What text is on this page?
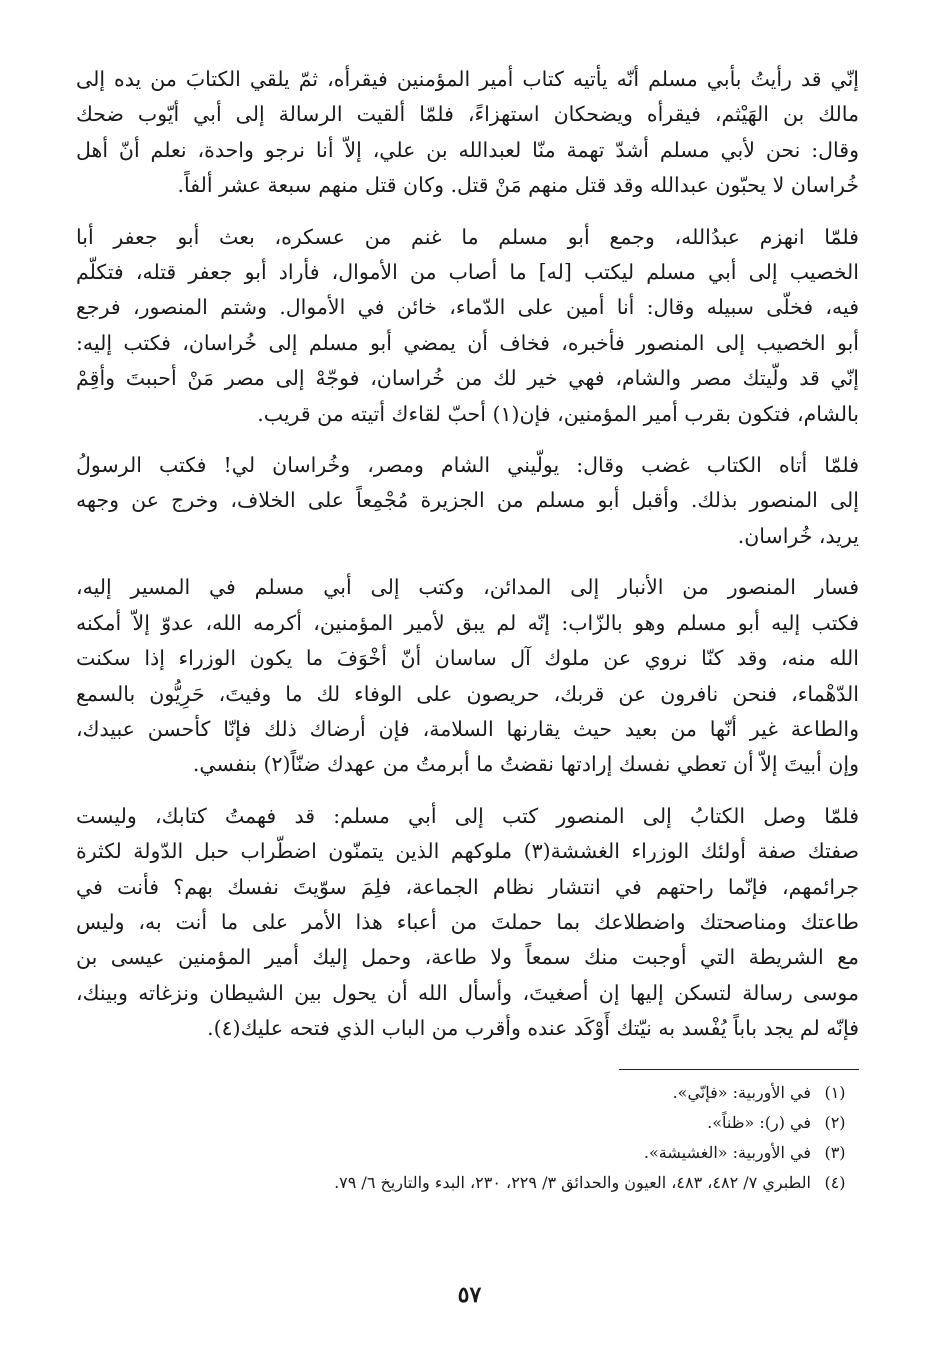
إنّي قد رأيتُ بأبي مسلم أنّه يأتيه كتاب أمير المؤمنين فيقرأه، ثمّ يلقي الكتابَ من يده إلى
مالك بن الهَيْثم، فيقرأه ويضحكان استهزاءً، فلمّا ألقيت الرسالة إلى أبي أيّوب ضحك
وقال: نحن لأبي مسلم أشدّ تهمة منّا لعبدالله بن علي، إلاّ أنا نرجو واحدة، نعلم أنّ أهل
خُراسان لا يحبّون عبدالله وقد قتل منهم مَنْ قتل. وكان قتل منهم سبعة عشر ألفاً.

فلمّا انهزم عبدُالله، وجمع أبو مسلم ما غنم من عسكره، بعث أبو جعفر أبا
الخصيب إلى أبي مسلم ليكتب [له] ما أصاب من الأموال، فأراد أبو جعفر قتله، فتكلّم
فيه، فخلّى سبيله وقال: أنا أمين على الدّماء، خائن في الأموال. وشتم المنصور، فرجع
أبو الخصيب إلى المنصور فأخبره، فخاف أن يمضي أبو مسلم إلى خُراسان، فكتب إليه:
إنّي قد ولّيتك مصر والشام، فهي خير لك من خُراسان، فوجّهْ إلى مصر مَنْ أحببتَ وأقِمْ
بالشام، فتكون بقرب أمير المؤمنين، فإن(١) أحبّ لقاءك أتيته من قريب.

فلمّا أتاه الكتاب غضب وقال: يولّيني الشام ومصر، وخُراسان لي! فكتب الرسولُ
إلى المنصور بذلك. وأقبل أبو مسلم من الجزيرة مُجْمِعاً على الخلاف، وخرج عن وجهه
يريد، خُراسان.

فسار المنصور من الأنبار إلى المدائن، وكتب إلى أبي مسلم في المسير إليه،
فكتب إليه أبو مسلم وهو بالزّاب: إنّه لم يبق لأمير المؤمنين، أكرمه الله، عدوّ إلاّ أمكنه
الله منه، وقد كنّا نروي عن ملوك آل ساسان أنّ أخْوَفَ ما يكون الوزراء إذا سكنت
الدّهْماء، فنحن نافرون عن قربك، حريصون على الوفاء لك ما وفيتَ، حَرِيُّون بالسمع
والطاعة غير أنّها من بعيد حيث يقارنها السلامة، فإن أرضاك ذلك فإنّا كأحسن عبيدك،
وإن أبيتَ إلاّ أن تعطي نفسك إرادتها نقضتُ ما أبرمتُ من عهدك ضنّاً(٢) بنفسي.

فلمّا وصل الكتابُ إلى المنصور كتب إلى أبي مسلم: قد فهمتُ كتابك، وليست
صفتك صفة أولئك الوزراء الغششة(٣) ملوكهم الذين يتمنّون اضطّراب حبل الدّولة لكثرة
جرائمهم، فإنّما راحتهم في انتشار نظام الجماعة، فلِمَ سوّيتَ نفسك بهم؟ فأنت في
طاعتك ومناصحتك واضطلاعك بما حملتَ من أعباء هذا الأمر على ما أنت به، وليس
مع الشريطة التي أوجبت منك سمعاً ولا طاعة، وحمل إليك أمير المؤمنين عيسى بن
موسى رسالة لتسكن إليها إن أصغيتَ، وأسأل الله أن يحول بين الشيطان ونزغاته وبينك،
فإنّه لم يجد باباً يُفْسد به نيّتك أَوْكَد عنده وأقرب من الباب الذي فتحه عليك(٤).

(١)
في الأوربية: «فإنّي».
(٢)
في (ر): «ظناً».
(٣)
في الأوربية: «الغشيشة».
(٤)
الطبري ٧/ ٤٨٢، ٤٨٣، العيون والحدائق ٣/ ٢٢٩، ٢٣٠، البدء والتاريخ ٦/ ٧٩.
٥٧
